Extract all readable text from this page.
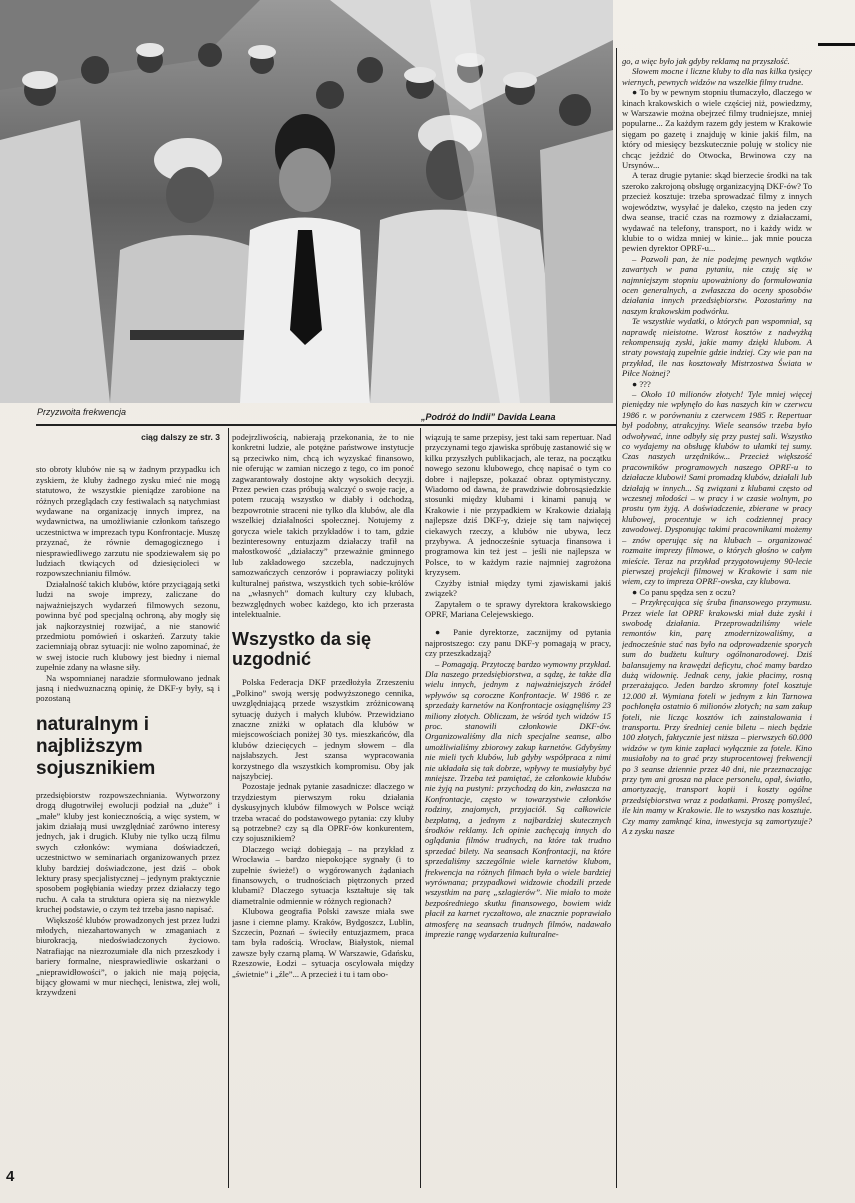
Przyzwoita frekwencja	„Podróż do Indii” Davida Leana
ciąg dalszy ze str. 3

sto obroty klubów nie są w żadnym przypadku ich zyskiem, że kluby żadnego zysku mieć nie mogą statutowo, że wszystkie pieniądze zarobione na różnych przeglądach czy festiwalach są natychmiast wydawane na organizację innych imprez, na wydawnictwa, na umożliwianie członkom tańszego uczestnictwa w imprezach typu Konfrontacje. Muszę przyznać, że równie demagogicznego i niesprawiedliwego zarzutu nie spodziewałem się po ludziach tkwiących od dziesięcioleci w rozpowszechnianiu filmów.

Działalność takich klubów, które przyciągają setki ludzi na swoje imprezy, zaliczane do najważniejszych wydarzeń filmowych sezonu, powinna być pod specjalną ochroną, aby mogły się jak najkorzystniej rozwijać, a nie stanowić przedmiotu pomówień i oskarżeń. Zarzuty takie zaciemniają obraz sytuacji: nie wolno zapominać, że w swej istocie ruch klubowy jest biedny i niemal zupełnie zdany na własne siły.

Na wspomnianej naradzie sformułowano jednak jasną i niedwuznaczną opinię, że DKF-y były, są i pozostaną

naturalnym i najbliższym sojusznikiem

przedsiębiorstw rozpowszechniania. Wytworzony drogą długotrwiłej ewolucji podział na „duże” i „małe” kluby jest koniecznością, a więc system, w jakim działają musi uwzględniać zarówno interesy jednych, jak i drugich. Kluby nie tylko uczą filmu swych członków: wymiana doświadczeń, uczestnictwo w seminariach organizowanych przez kluby bardziej doświadczone, jest dziś – obok lektury prasy specjalistycznej – jedynym praktycznie sposobem pogłębiania wiedzy przez działaczy tego ruchu. A cała ta struktura opiera się na niezwykle kruchej podstawie, o czym też trzeba jasno napisać.

Większość klubów prowadzonych jest przez ludzi młodych, niezahartowanych w zmaganiach z biurokracją, niedoświadczonych życiowo. Natrafiając na niezrozumiałe dla nich przeszkody i bariery formalne, niesprawiedliwie oskarżani o „nieprawidłowości”, o jakich nie mają pojęcia, bijący głowami w mur niechęci, lenistwa, złej woli, krzywdzeni

podejrzliwością, nabierają przekonania, że to nie konkretni ludzie, ale potężne państwowe instytucje są przeciwko nim, chcą ich wyzyskać finansowo, nie oferując w zamian niczego z tego, co im ponoć zagwarantowały dostojne akty wysokich decyzji. Przez pewien czas próbują walczyć o swoje racje, a potem rzucają wszystko w diabły i odchodzą, bezpowrotnie straceni nie tylko dla klubów, ale dla wszelkiej działalności społecznej. Notujemy z gorycza wiele takich przykładów i to tam, gdzie bezinteresowny entuzjazm działaczy trafił na małostkowość „działaczy” przeważnie gminnego lub zakładowego szczebla, nadczujnych samozwańczych cenzorów i poprawiaczy polityki kulturalnej państwa, wszystkich tych sobie-królów na „własnych” domach kultury czy klubach, bezwzględnych wobec każdego, kto ich przerasta intelektualnie.

Wszystko da się uzgodnić

Polska Federacja DKF przedłożyła Zrzeszeniu „Polkino” swoją wersję podwyższonego cennika, uwzględniającą przede wszystkim zróżnicowaną sytuację dużych i małych klubów. Przewidziano znaczne zniżki w opłatach dla klubów w miejscowościach poniżej 30 tys. mieszkańców, dla klubów dziecięcych – jednym słowem – dla najsłabszych. Jest szansa wypracowania korzystnego dla wszystkich kompromisu. Oby jak najszybciej.

Pozostaje jednak pytanie zasadnicze: dlaczego w trzydziestym pierwszym roku działania dyskusyjnych klubów filmowych w Polsce wciąż trzeba wracać do podstawowego pytania: czy kluby są potrzebne? czy są dla OPRF-ów konkurentem, czy sojusznikiem?

Dlaczego wciąż dobiegają – na przykład z Wrocławia – bardzo niepokojące sygnały (i to zupełnie świeże!) o wygórowanych żądaniach finansowych, o trudnościach piętrzonych przed klubami? Dlaczego sytuacja kształtuje się tak diametralnie odmiennie w różnych regionach?

Klubowa geografia Polski zawsze miała swe jasne i ciemne plamy. Kraków, Bydgoszcz, Lublin, Szczecin, Poznań – świeciły entuzjazmem, praca tam była radością. Wrocław, Białystok, niemal zawsze były czarną plamą. W Warszawie, Gdańsku, Rzeszowie, Łodzi – sytuacja oscylowała między „świetnie” i „źle”... A przecież i tu i tam obo-

wiązują te same przepisy, jest taki sam repertuar. Nad przyczynami tego zjawiska spróbuję zastanowić się w kilku przyszłych publikacjach, ale teraz, na początku nowego sezonu klubowego, chcę napisać o tym co dobre i najlepsze, pokazać obraz optymistyczny. Wiadomo od dawna, że prawdziwie dobrosąsiedzkie stosunki między klubami i kinami panują w Krakowie i nie przypadkiem w Krakowie działają najlepsze dziś DKF-y, dzieje się tam najwięcej ciekawych rzeczy, a klubów nie ubywa, lecz przybywa. A jednocześnie sytuacja finansowa i programowa kin też jest – jeśli nie najlepsza w Polsce, to w każdym razie najmniej zagrożona kryzysem.

Czyżby istniał między tymi zjawiskami jakiś związek?

Zapytałem o te sprawy dyrektora krakowskiego OPRF, Mariana Celejewskiego.

● Panie dyrektorze, zacznijmy od pytania najprostszego: czy panu DKF-y pomagają w pracy, czy przeszkadzają?

– Pomagają. Przytoczę bardzo wymowny przykład. Dla naszego przedsiębiorstwa, a sądzę, że także dla wielu innych, jednym z najważniejszych źródeł wpływów są coroczne Konfrontacje. W 1986 r. ze sprzedaży karnetów na Konfrontacje osiągnęliśmy 23 miliony złotych. Obliczam, że wśród tych widzów 15 proc. stanowili członkowie DKF-ów. Organizowaliśmy dla nich specjalne seanse, albo umożliwialiśmy zbiorowy zakup karnetów. Gdybyśmy nie mieli tych klubów, lub gdyby współpraca z nimi nie układała się tak dobrze, wpływy te musiałyby być mniejsze. Trzeba też pamiętać, że członkowie klubów nie żyją na pustyni: przychodzą do kin, zwłaszcza na Konfrontacje, często w towarzystwie członków rodziny, znajomych, przyjaciół. Są całkowicie bezpłatną, a jednym z najbardziej skutecznych środków reklamy. Ich opinie zachęcają innych do oglądania filmów trudnych, na które tak trudno sprzedać bilety. Na seansach Konfrontacji, na które sprzedaliśmy szczególnie wiele karnetów klubom, frekwencja na różnych filmach była o wiele bardziej wyrównana; przypadkowi widzowie chodzili przede wszystkim na parę „szlagierów”. Nie miało to może bezpośredniego skutku finansowego, bowiem widz płacił za karnet ryczałtowo, ale znacznie poprawiało atmosferę na seansach trudnych filmów, nadawało imprezie rangę wydarzenia kulturalne-

go, a więc było jak gdyby reklamą na przyszłość.

Słowem mocne i liczne kluby to dla nas kilka tysięcy wiernych, pewnych widzów na wszelkie filmy trudne.

● To by w pewnym stopniu tłumaczyło, dlaczego w kinach krakowskich o wiele częściej niż, powiedzmy, w Warszawie można obejrzeć filmy trudniejsze, mniej popularne... Za każdym razem gdy jestem w Krakowie sięgam po gazetę i znajduję w kinie jakiś film, na który od miesięcy bezskutecznie poluję w stolicy nie chcąc jeździć do Otwocka, Brwinowa czy na Ursynów...

A teraz drugie pytanie: skąd bierzecie środki na tak szeroko zakrojoną obsługę organizacyjną DKF-ów? To przecież kosztuje: trzeba sprowadzać filmy z innych województw, wysyłać je daleko, często na jeden czy dwa seanse, tracić czas na rozmowy z działaczami, wydawać na telefony, transport, no i każdy widz w klubie to o widza mniej w kinie... jak mnie poucza pewien dyrektor OPRF-u...

– Pozwoli pan, że nie podejmę pewnych wątków zawartych w pana pytaniu, nie czuję się w najmniejszym stopniu upoważniony do formułowania ocen generalnych, a zwłaszcza do oceny sposobów działania innych przedsiębiorstw. Pozostańmy na naszym krakowskim podwórku.

Te wszystkie wydatki, o których pan wspomniał, są naprawdę nieistotne. Wzrost kosztów z nadwyżką rekompensują zyski, jakie mamy dzięki klubom. A straty powstają zupełnie gdzie indziej. Czy wie pan na przykład, ile nas kosztowały Mistrzostwa Świata w Piłce Nożnej?

● ???

– Około 10 milionów złotych! Tyle mniej więcej pieniędzy nie wpłynęło do kas naszych kin w czerwcu 1986 r. w porównaniu z czerwcem 1985 r. Repertuar był podobny, atrakcyjny. Wiele seansów trzeba było odwoływać, inne odbyły się przy pustej sali. Wszystko co wydajemy na obsługę klubów to ułamki tej sumy. Czas naszych urzędników... Przecież większość pracowników programowych naszego OPRF-u to działacze klubowi! Sami promadzą klubów, działali lub działają w innych... Są związani z klubami często od wczesnej młodości – w pracy i w czasie wolnym, po prostu tym żyją. A doświadczenie, zbierane w pracy klubowej, procentuje w ich codziennej pracy zawodowej. Dysponując takimi pracownikami możemy – znów operując się na klubach – organizować rozmaite imprezy filmowe, o których głośno w całym mieście. Teraz na przykład przygotowujemy 90-lecie pierwszej projekcji filmowej w Krakowie i sam nie wiem, czy to impreza OPRF-owska, czy klubowa.

● Co panu spędza sen z oczu?

– Przykręcająca się śruba finansowego przymusu. Przez wiele lat OPRF krakowski miał duże zyski i swobodę działania. Przeprowadziliśmy wiele remontów kin, parę zmodernizowaliśmy, a jednocześnie stać nas było na odprowadzenie sporych sum do budżetu kultury ogólnonarodowej. Dziś balansujemy na krawędzi deficytu, choć mamy bardzo dużą widownię. Jednak ceny, jakie płacimy, rosną przerażająco. Jeden bardzo skromny fotel kosztuje 12.000 zł. Wymiana foteli w jednym z kin Tarnowa pochłonęła ostatnio 6 milionów złotych; na sam zakup foteli, nie licząc kosztów ich zainstalowania i transportu. Przy średniej cenie biletu – niech będzie 100 złotych, faktycznie jest niższa – pierwszych 60.000 widzów w tym kinie zapłaci wyłącznie za fotele. Kino musiałoby na to grać przy stuprocentowej frekwencji po 3 seanse dziennie przez 40 dni, nie przeznaczając przy tym ani grosza na płace personelu, opał, światło, amortyzację, transport kopii i koszty ogólne przedsiębiorstwa wraz z podatkami. Proszę pomyśleć, ile kin mamy w Krakowie. Ile to wszystko nas kosztuje. Czy mamy zamknąć kina, inwestycja są zamortyzuje? A z zysku nasze

4
